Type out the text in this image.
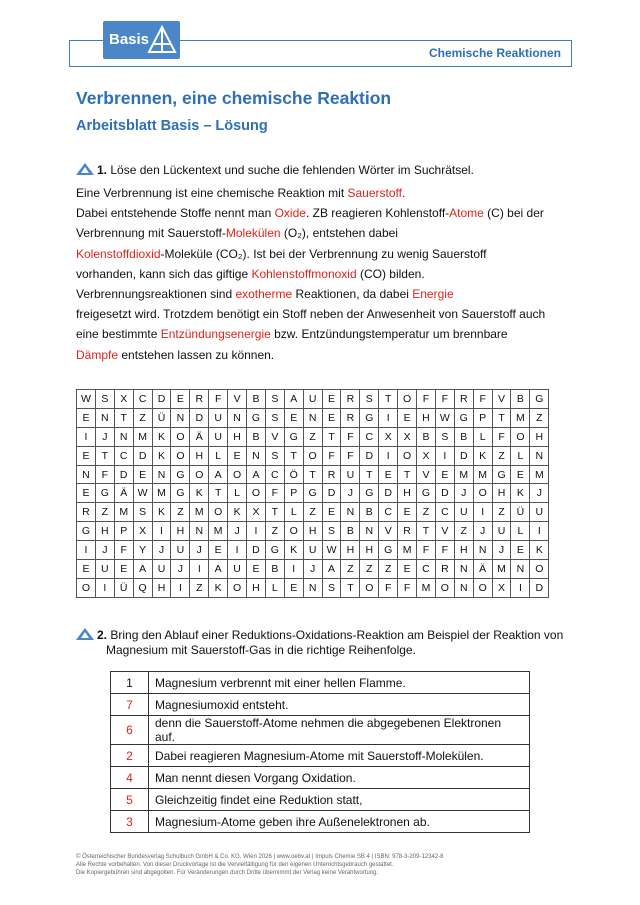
Chemische Reaktionen
Basis
Verbrennen, eine chemische Reaktion
Arbeitsblatt Basis – Lösung
1. Löse den Lückentext und suche die fehlenden Wörter im Suchrätsel.
Eine Verbrennung ist eine chemische Reaktion mit Sauerstoff.
Dabei entstehende Stoffe nennt man Oxide. ZB reagieren Kohlenstoff-Atome (C) bei der
Verbrennung mit Sauerstoff-Molekülen (O₂), entstehen dabei
Kolenstoffdioxid-Moleküle (CO₂). Ist bei der Verbrennung zu wenig Sauerstoff
vorhanden, kann sich das giftige Kohlenstoffmonoxid (CO) bilden.
Verbrennungsreaktionen sind exotherme Reaktionen, da dabei Energie
freigesetzt wird. Trotzdem benötigt ein Stoff neben der Anwesenheit von Sauerstoff auch
eine bestimmte Entzündungsenergie bzw. Entzündungstemperatur um brennbare
Dämpfe entstehen lassen zu können.
W	S	X	C	D	E	R	F	V	B	S	A	U	E	R	S	T	O	F	F	R	F	V	B	G
E	N	T	Z	Ü	N	D	U	N	G	S	E	N	E	R	G	I	E	H	W	G	P	T	M	Z
I	J	N	M	K	O	Ä	U	H	B	V	G	Z	T	F	C	X	X	B	S	B	L	F	O	H
E	T	C	D	K	O	H	L	E	N	S	T	O	F	F	D	I	O	X	I	D	K	Z	L	N
N	F	D	E	N	G	O	A	O	A	C	Ö	T	R	U	T	E	T	V	E	M	M	G	E	M
E	G	Ä	W	M	G	K	T	L	O	F	P	G	D	J	G	D	H	G	D	J	O	H	K	J
R	Z	M	S	K	Z	M	O	K	X	T	L	Z	E	N	B	C	E	Z	C	U	I	Z	Ü	U
G	H	P	X	I	H	N	M	J	I	Z	O	H	S	B	N	V	R	T	V	Z	J	U	L	I
I	J	F	Y	J	U	J	E	I	D	G	K	U	W	H	H	G	M	F	F	H	N	J	E	K
E	U	E	A	U	J	I	A	U	E	B	I	J	A	Z	Z	Z	E	C	R	N	Ä	M	N	O
O	I	Ü	Q	H	I	Z	K	O	H	L	E	N	S	T	O	F	F	M	O	N	O	X	I	D
2. Bring den Ablauf einer Reduktions-Oxidations-Reaktion am Beispiel der Reaktion von
Magnesium mit Sauerstoff-Gas in die richtige Reihenfolge.
1	Magnesium verbrennt mit einer hellen Flamme.
7	Magnesiumoxid entsteht.
6	denn die Sauerstoff-Atome nehmen die abgegebenen Elektronen auf.
2	Dabei reagieren Magnesium-Atome mit Sauerstoff-Molekülen.
4	Man nennt diesen Vorgang Oxidation.
5	Gleichzeitig findet eine Reduktion statt,
3	Magnesium-Atome geben ihre Außenelektronen ab.
© Österreichischer Bundesverlag Schulbuch GmbH & Co. KG, Wien 2026 | www.oebv.at | Impuls Chemie SB 4 | ISBN: 978-3-209-12342-8
Alle Rechte vorbehalten. Von dieser Druckvorlage ist die Vervielfältigung für den eigenen Unterrichtsgebrauch gestattet.
Die Kopiergebühren sind abgegolten. Für Veränderungen durch Dritte übernimmt der Verlag keine Verantwortung.
